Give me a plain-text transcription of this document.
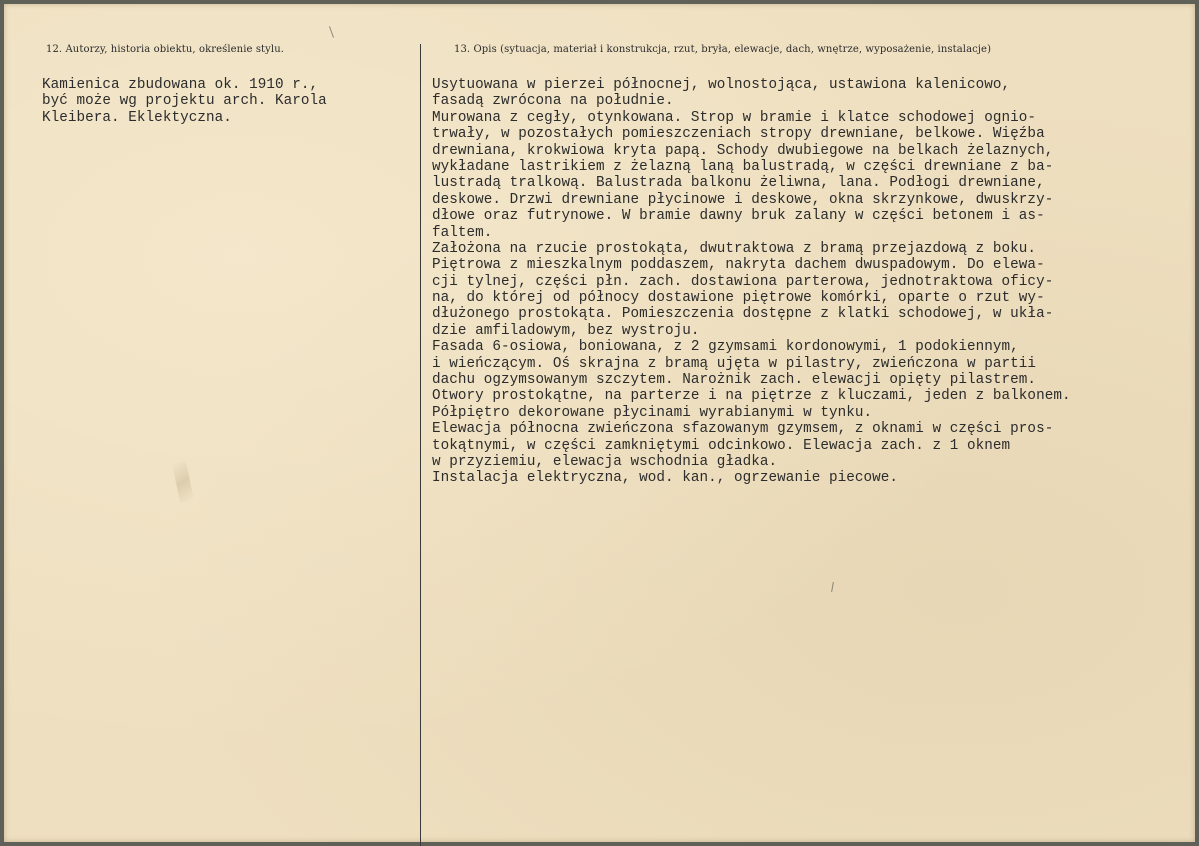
12. Autorzy, historia obiektu, określenie stylu.	13. Opis (sytuacja, materiał i konstrukcja, rzut, bryła, elewacje, dach, wnętrze, wyposażenie, instalacje)
Kamienica zbudowana ok. 1910 r.,
być może wg projektu arch. Karola
Kleibera. Eklektyczna.
Usytuowana w pierzei północnej, wolnostojąca, ustawiona kalenicowo,
fasadą zwrócona na południe.
Murowana z cegły, otynkowana. Strop w bramie i klatce schodowej ognio-
trwały, w pozostałych pomieszczeniach stropy drewniane, belkowe. Więźba
drewniana, krokwiowa kryta papą. Schody dwubiegowe na belkach żelaznych,
wykładane lastrikiem z żelazną laną balustradą, w części drewniane z ba-
lustradą tralkową. Balustrada balkonu żeliwna, lana. Podłogi drewniane,
deskowe. Drzwi drewniane płycinowe i deskowe, okna skrzynkowe, dwuskrzy-
dłowe oraz futrynowe. W bramie dawny bruk zalany w części betonem i as-
faltem.
Założona na rzucie prostokąta, dwutraktowa z bramą przejazdową z boku.
Piętrowa z mieszkalnym poddaszem, nakryta dachem dwuspadowym. Do elewa-
cji tylnej, części płn. zach. dostawiona parterowa, jednotraktowa oficy-
na, do której od północy dostawione piętrowe komórki, oparte o rzut wy-
dłużonego prostokąta. Pomieszczenia dostępne z klatki schodowej, w ukła-
dzie amfiladowym, bez wystroju.
Fasada 6-osiowa, boniowana, z 2 gzymsami kordonowymi, 1 podokiennym,
i wieńczącym. Oś skrajna z bramą ujęta w pilastry, zwieńczona w partii
dachu ogzymsowanym szczytem. Narożnik zach. elewacji opięty pilastrem.
Otwory prostokątne, na parterze i na piętrze z kluczami, jeden z balkonem.
Półpiętro dekorowane płycinami wyrabianymi w tynku.
Elewacja północna zwieńczona sfazowanym gzymsem, z oknami w części pros-
tokątnymi, w części zamkniętymi odcinkowo. Elewacja zach. z 1 oknem
w przyziemiu, elewacja wschodnia gładka.
Instalacja elektryczna, wod. kan., ogrzewanie piecowe.
